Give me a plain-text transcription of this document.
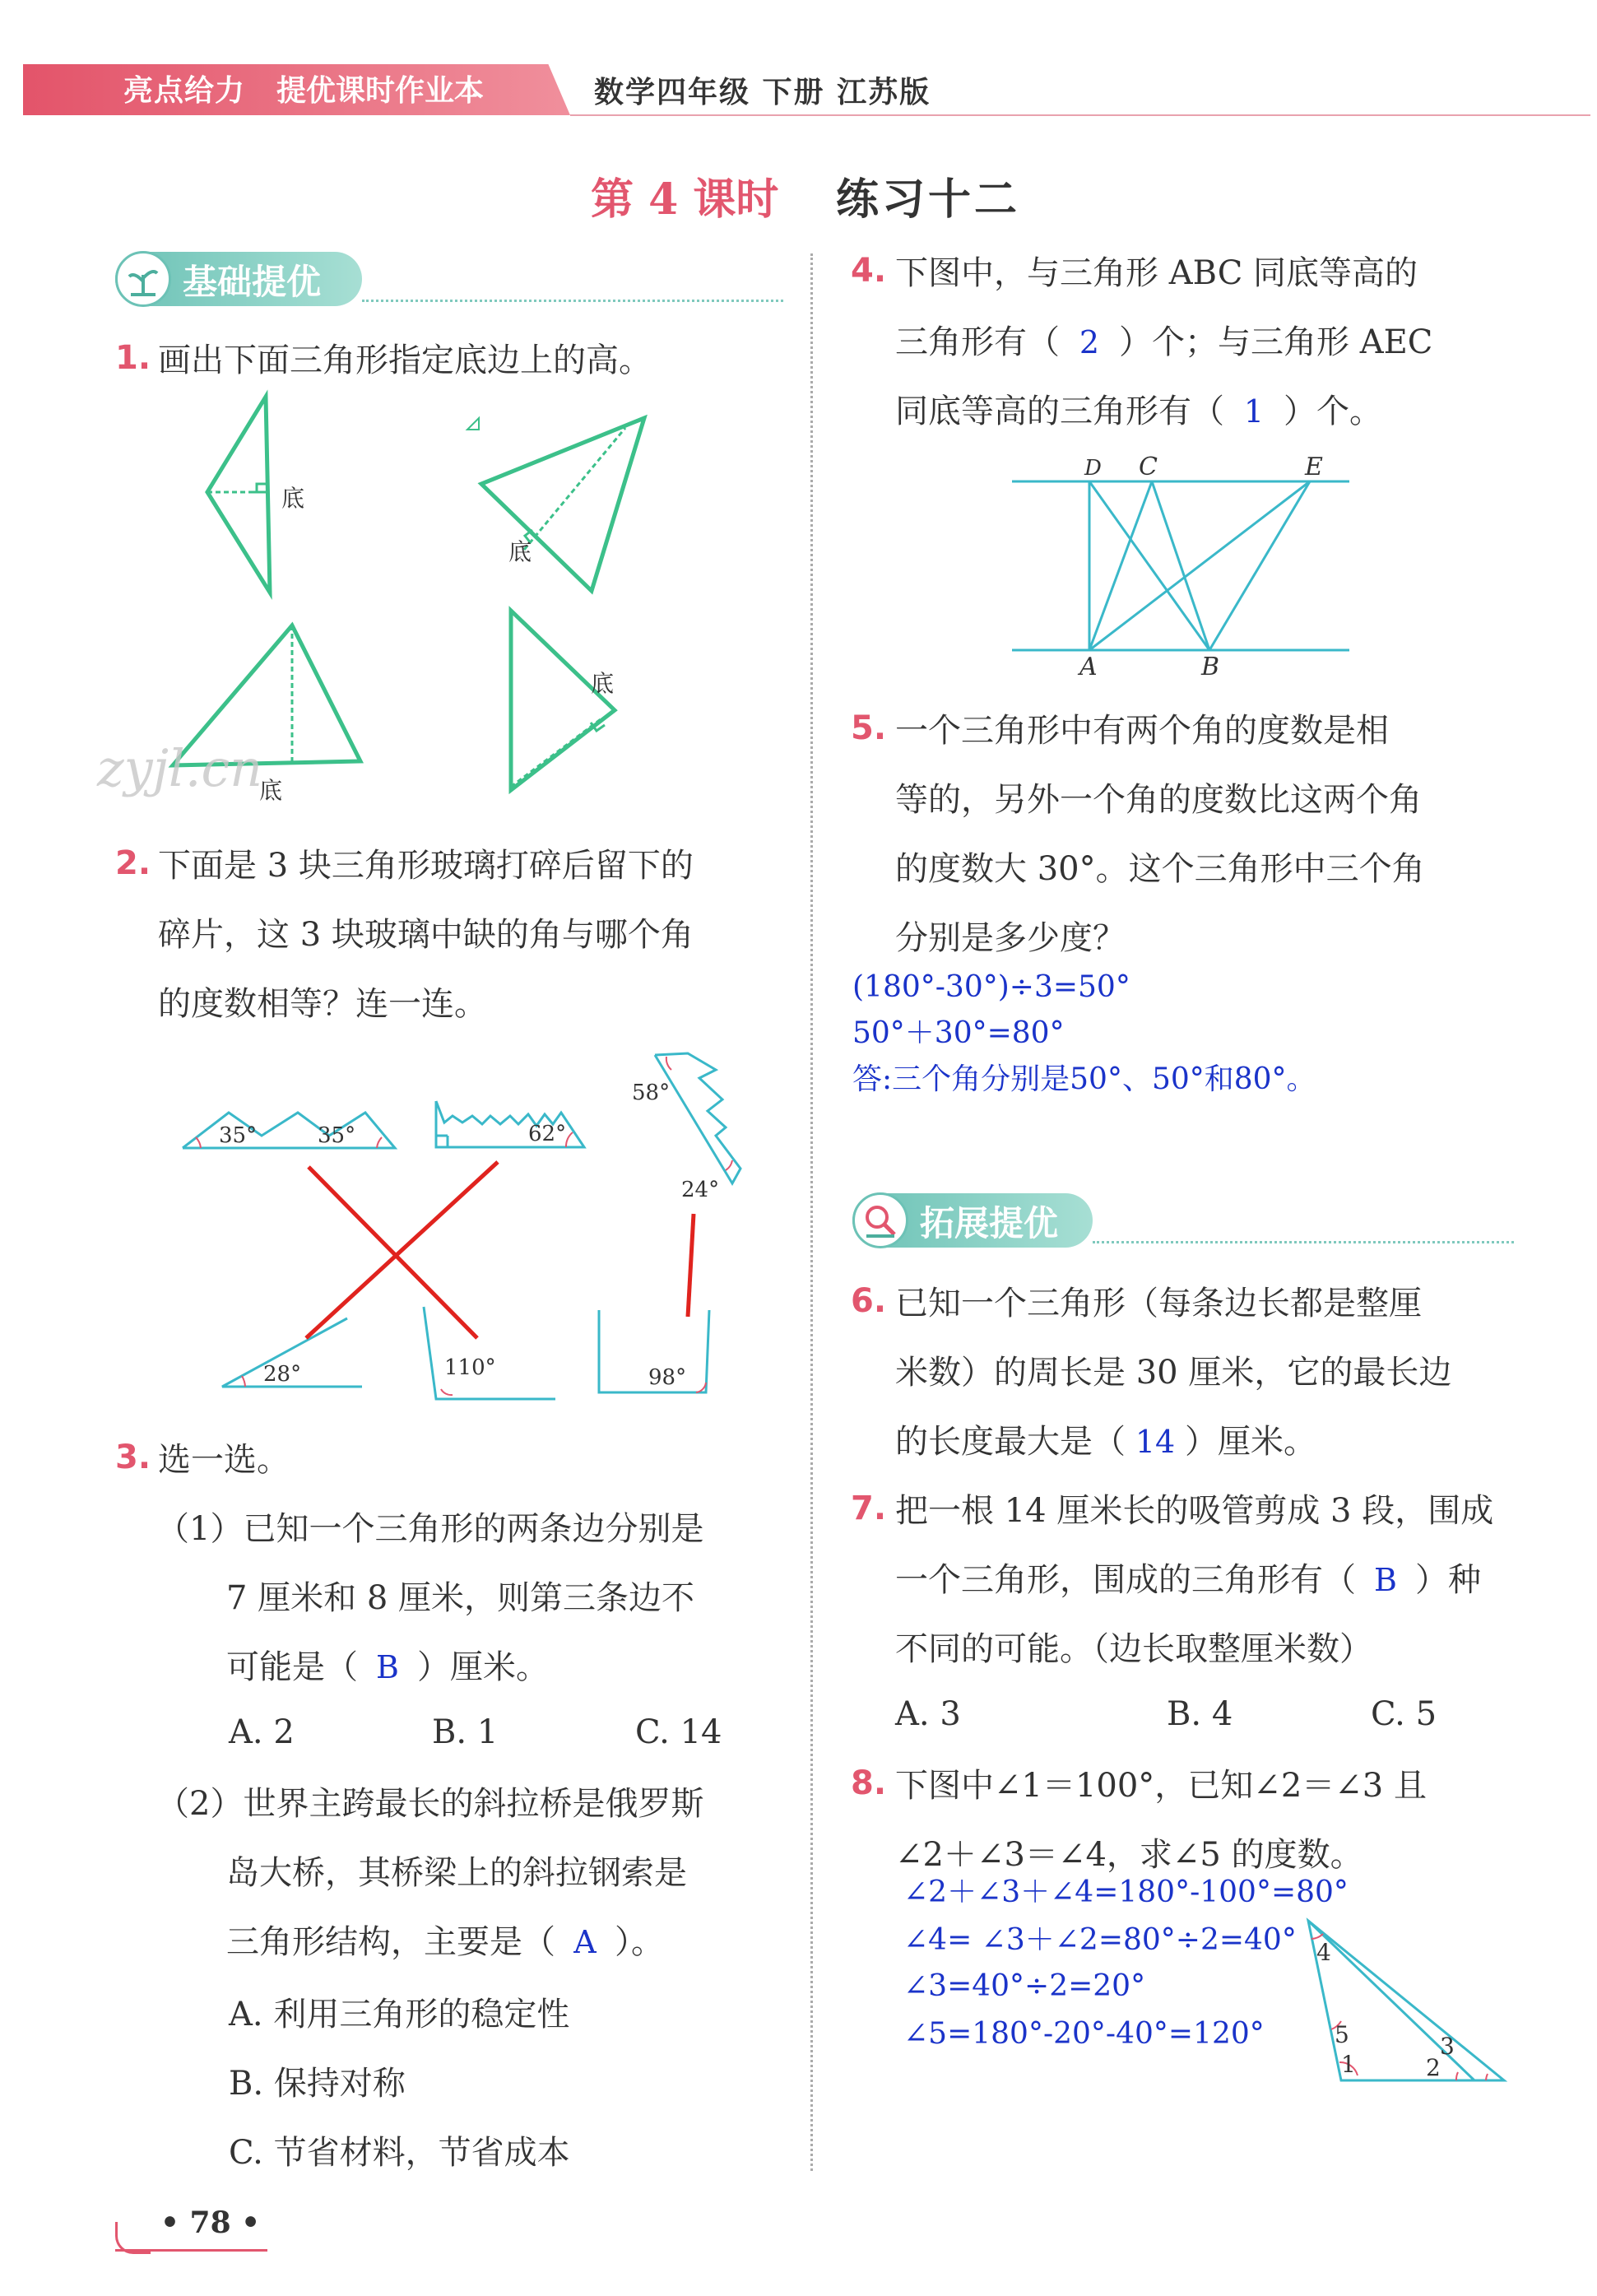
亮点给力 提优课时作业本	数学四年级 下册 江苏版
第 4 课时 练习十二
基础提优
1. 画出下面三角形指定底边上的高。
底
底
底
底
zyjl.cn
2. 下面是 3 块三角形玻璃打碎后留下的
碎片，这 3 块玻璃中缺的角与哪个角
的度数相等？连一连。
35°	35°	62°
58°
24°
28°	110°	98°
3. 选一选。
（1）已知一个三角形的两条边分别是
7 厘米和 8 厘米，则第三条边不
可能是（ B ）厘米。
A. 2	B. 1	C. 14
（2）世界主跨最长的斜拉桥是俄罗斯
岛大桥，其桥梁上的斜拉钢索是
三角形结构，主要是（ A ）。
A. 利用三角形的稳定性
B. 保持对称
C. 节省材料，节省成本
4. 下图中，与三角形 ABC 同底等高的
三角形有（ 2 ）个；与三角形 AEC
同底等高的三角形有（ 1 ）个。
D C	E
A	B
5. 一个三角形中有两个角的度数是相
等的，另外一个角的度数比这两个角
的度数大 30°。这个三角形中三个角
分别是多少度？
(180°-30°)÷3=50°
50°＋30°=80°
答:三个角分别是50°、50°和80°。
拓展提优
6. 已知一个三角形（每条边长都是整厘
米数）的周长是 30 厘米，它的最长边
的长度最大是（ 14 ）厘米。
7. 把一根 14 厘米长的吸管剪成 3 段，围成
一个三角形，围成的三角形有（ B ）种
不同的可能。（边长取整厘米数）
A. 3	B. 4	C. 5
8. 下图中∠1＝100°，已知∠2＝∠3 且
∠2＋∠3＝∠4，求∠5 的度数。
∠2＋∠3＋∠4=180°-100°=80°
∠4= ∠3＋∠2=80°÷2=40°
∠3=40°÷2=20°
∠5=180°-20°-40°=120°
4
5
1	2
3
• 78 •
